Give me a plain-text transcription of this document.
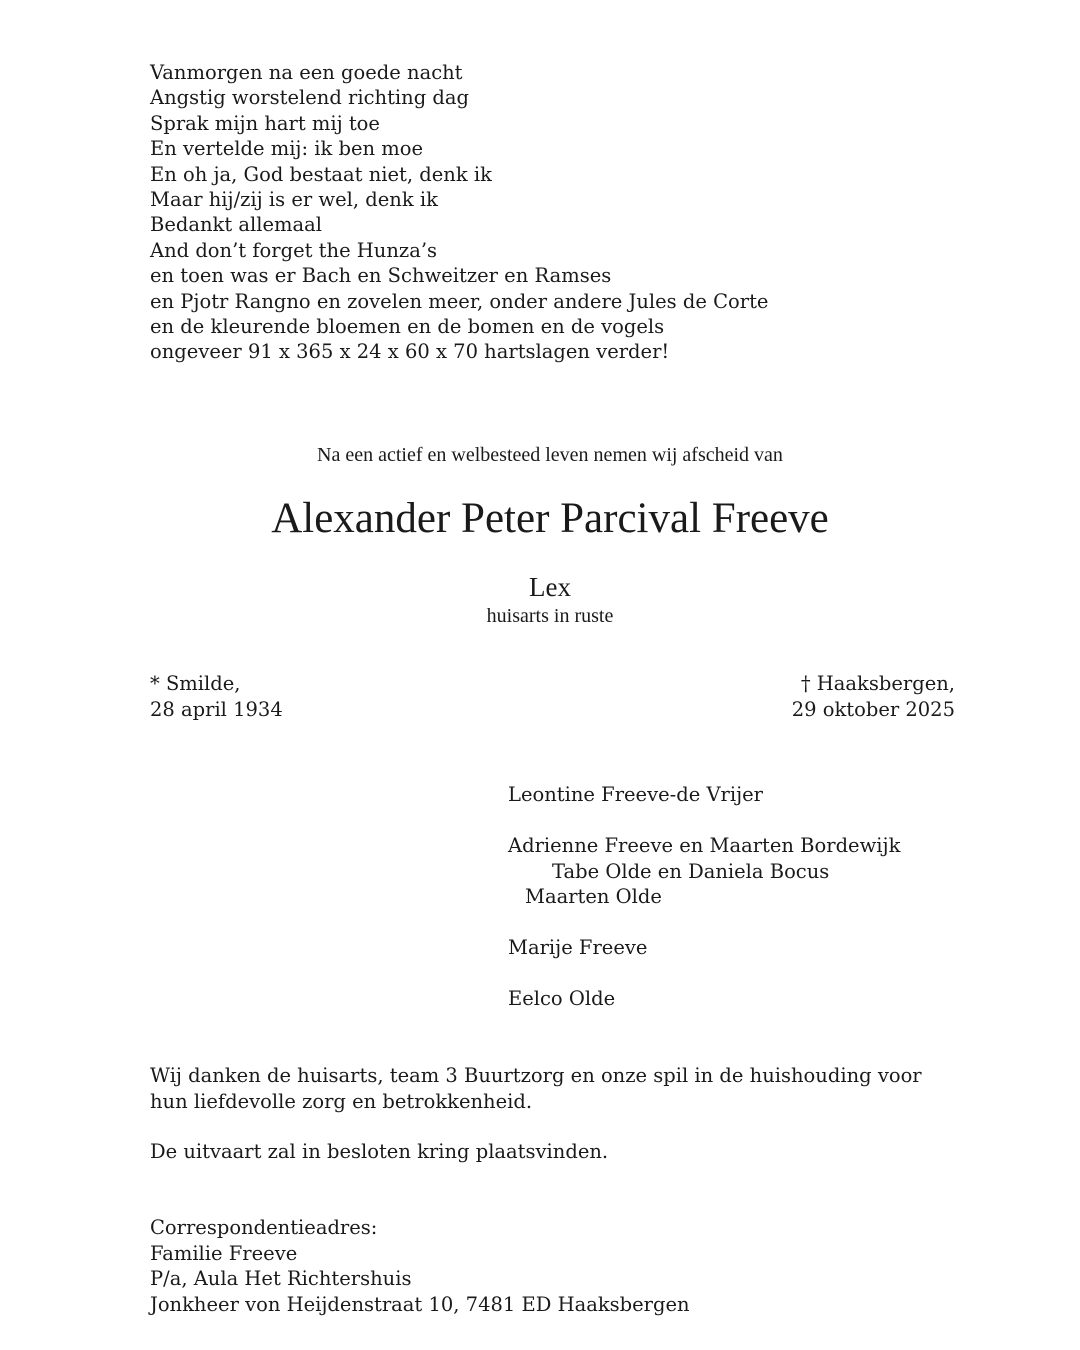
Vanmorgen na een goede nacht
Angstig worstelend richting dag
Sprak mijn hart mij toe
En vertelde mij: ik ben moe
En oh ja, God bestaat niet, denk ik
Maar hij/zij is er wel, denk ik
Bedankt allemaal
And don’t forget the Hunza’s
en toen was er Bach en Schweitzer en Ramses
en Pjotr Rangno en zovelen meer, onder andere Jules de Corte
en de kleurende bloemen en de bomen en de vogels
ongeveer 91 x 365 x 24 x 60 x 70 hartslagen verder!
Na een actief en welbesteed leven nemen wij afscheid van
Alexander Peter Parcival Freeve
Lex
huisarts in ruste
* Smilde,
28 april 1934
† Haaksbergen,
29 oktober 2025
Leontine Freeve-de Vrijer
Adrienne Freeve en Maarten Bordewijk
Tabe Olde en Daniela Bocus
Maarten Olde
Marije Freeve
Eelco Olde
Wij danken de huisarts, team 3 Buurtzorg en onze spil in de huishouding voor hun liefdevolle zorg en betrokkenheid.
De uitvaart zal in besloten kring plaatsvinden.
Correspondentieadres:
Familie Freeve
P/a, Aula Het Richtershuis
Jonkheer von Heijdenstraat 10, 7481 ED Haaksbergen
